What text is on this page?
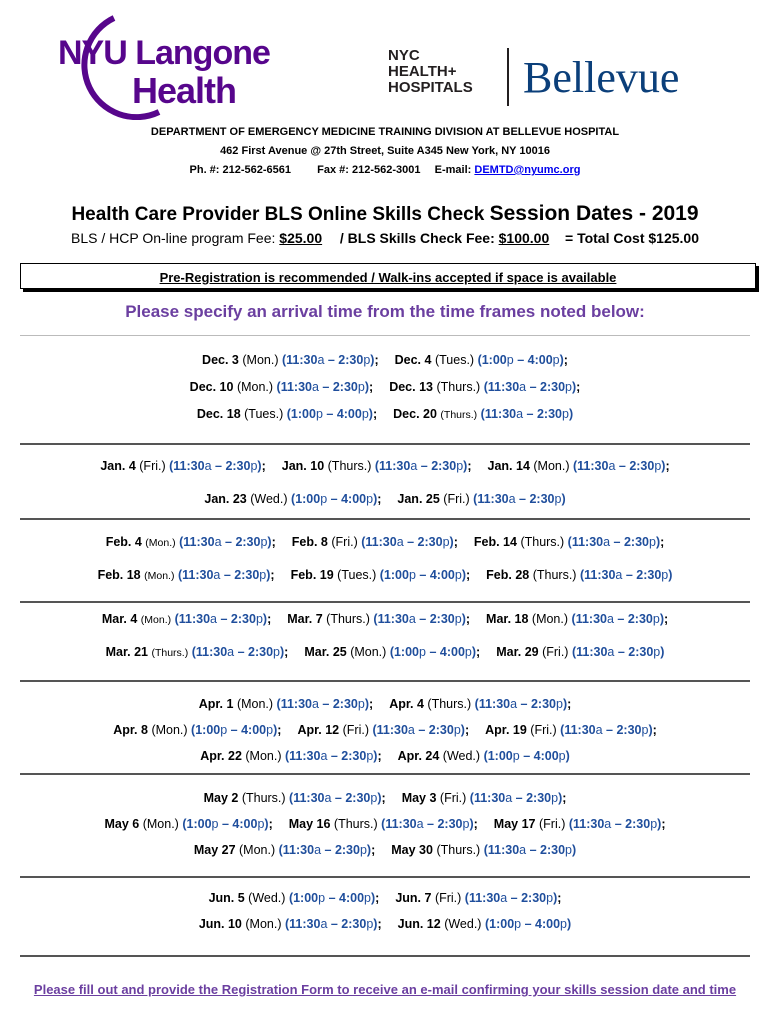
NYU Langone
Health
NYC
HEALTH+
HOSPITALS Bellevue
DEPARTMENT OF EMERGENCY MEDICINE TRAINING DIVISION AT BELLEVUE HOSPITAL
462 First Avenue @ 27th Street, Suite A345 New York, NY 10016
Ph. #: 212-562-6561 Fax #: 212-562-3001 E-mail: DEMTD@nyumc.org
Health Care Provider BLS Online Skills Check Session Dates - 2019
BLS / HCP On-line program Fee: $25.00 / BLS Skills Check Fee: $100.00 = Total Cost $125.00
Pre-Registration is recommended / Walk-ins accepted if space is available
Please specify an arrival time from the time frames noted below:
Dec. 3 (Mon.) (11:30a – 2:30p); Dec. 4 (Tues.) (1:00p – 4:00p);
Dec. 10 (Mon.) (11:30a – 2:30p); Dec. 13 (Thurs.) (11:30a – 2:30p);
Dec. 18 (Tues.) (1:00p – 4:00p); Dec. 20 (Thurs.) (11:30a – 2:30p)
Jan. 4 (Fri.) (11:30a – 2:30p); Jan. 10 (Thurs.) (11:30a – 2:30p); Jan. 14 (Mon.) (11:30a – 2:30p);
Jan. 23 (Wed.) (1:00p – 4:00p); Jan. 25 (Fri.) (11:30a – 2:30p)
Feb. 4 (Mon.) (11:30a – 2:30p); Feb. 8 (Fri.) (11:30a – 2:30p); Feb. 14 (Thurs.) (11:30a – 2:30p);
Feb. 18 (Mon.) (11:30a – 2:30p); Feb. 19 (Tues.) (1:00p – 4:00p); Feb. 28 (Thurs.) (11:30a – 2:30p)
Mar. 4 (Mon.) (11:30a – 2:30p); Mar. 7 (Thurs.) (11:30a – 2:30p); Mar. 18 (Mon.) (11:30a – 2:30p);
Mar. 21 (Thurs.) (11:30a – 2:30p); Mar. 25 (Mon.) (1:00p – 4:00p); Mar. 29 (Fri.) (11:30a – 2:30p)
Apr. 1 (Mon.) (11:30a – 2:30p); Apr. 4 (Thurs.) (11:30a – 2:30p);
Apr. 8 (Mon.) (1:00p – 4:00p); Apr. 12 (Fri.) (11:30a – 2:30p); Apr. 19 (Fri.) (11:30a – 2:30p);
Apr. 22 (Mon.) (11:30a – 2:30p); Apr. 24 (Wed.) (1:00p – 4:00p)
May 2 (Thurs.) (11:30a – 2:30p); May 3 (Fri.) (11:30a – 2:30p);
May 6 (Mon.) (1:00p – 4:00p); May 16 (Thurs.) (11:30a – 2:30p); May 17 (Fri.) (11:30a – 2:30p);
May 27 (Mon.) (11:30a – 2:30p); May 30 (Thurs.) (11:30a – 2:30p)
Jun. 5 (Wed.) (1:00p – 4:00p); Jun. 7 (Fri.) (11:30a – 2:30p);
Jun. 10 (Mon.) (11:30a – 2:30p); Jun. 12 (Wed.) (1:00p – 4:00p)
Please fill out and provide the Registration Form to receive an e-mail confirming your skills session date and time
